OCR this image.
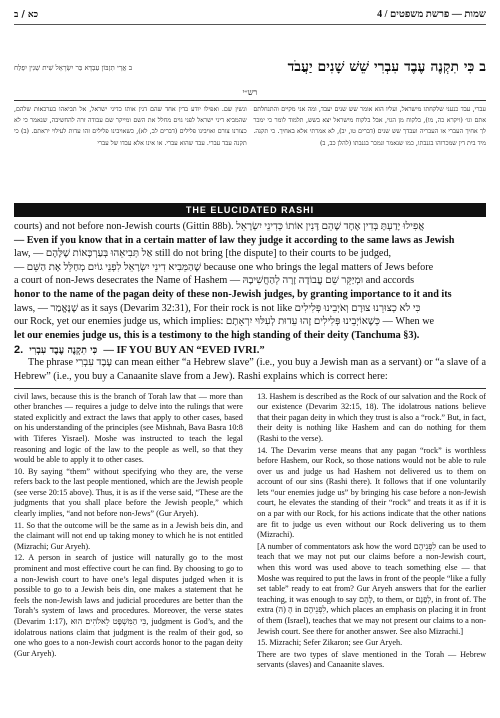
כא / ב	4 / שמות — פרשת משפטים
ב אֲרֵי תִזְבּוֹן עַבְדָּא בַּר יִשְׂרָאֵל שִׁית שְׁנִין יִפְלַח	ב כִּי תִקְנֶה עֶבֶד עִבְרִי שֵׁשׁ שָׁנִים יַעֲבֹד
רש״י
ונשין שם. ואפילו יודע בדין אחד שהם דנין אותו כדיני ישראל, אל תביאהו בערכאות שלהם, שהמביא דיני ישראל לפני גוים מחלל את השם ומייקר שם עבודה זרה להחשיבה, שנאמר כי לא כצורנו צורם ואויבינו פלילים (דברים לב, לא), כשאויבינו פלילים זהו עדות לעילוי יראתם. (ב) כי תקנה עבד עברי. עבד שהוא עברי. או אינו אלא עבדו של עברי
עברי, עבד כנעני שלקחתו מישראל, ועליו הוא אומר שש שנים יעבד, ומה אני מקיים והתנחלתם אתם וגו׳ (ויקרא כה, מו), בלקוח מן הגוי, אבל בלקוח מישראל יצא בשש, תלמוד לומר כי ימכר לך אחיך העברי או העבריה ועבדך שש שנים (דברים טו, יב), לא אמרתי אלא באחיך. כי תקנה. מיד בית דין שמכרוהו בגנבתו, כמו שנאמר ונמכר בגנבתו (להלן כב, ב)
THE ELUCIDATED RASHI
courts) and not before non-Jewish courts (Gittin 88b). אֲפִילוּ יָדַעְתָּ בְּדִין אֶחָד שֶׁהֵם דָּנִין אוֹתוֹ כְּדִינֵי יִשְׂרָאֵל
— Even if you know that in a certain matter of law they judge it according to the same laws as Jewish
law, — אַל תְּבִיאֵהוּ בְּעַרְכָּאוֹת שֶׁלָּהֶם still do not bring [the dispute] to their courts to be judged,
— שֶׁהַמֵּבִיא דִינֵי יִשְׂרָאֵל לִפְנֵי גוֹיִם מְחַלֵּל אֶת הַשֵּׁם because one who brings the legal matters of Jews before
a court of non-Jews desecrates the Name of Hashem — וּמְיַקֵּר שֵׁם עֲבוֹדָה זָרָה לְהַחֲשִׁיבָהּ and accords
honor to the name of the pagan deity of these non-Jewish judges, by granting importance to it and its
laws, — שֶׁנֶּאֱמַר as it says (Devarim 32:31), For their rock is not like כִּי לֹא כְצוּרֵנוּ צוּרָם וְאֹיְבֵינוּ פְּלִילִים
our Rock, yet our enemies judge us, which implies: כְּשֶׁאוֹיְבֵינוּ פְּלִילִים זֶהוּ עֵדוּת לְעִלּוּי יִרְאָתָם — When we
let our enemies judge us, this is a testimony to the high standing of their deity (Tanchuma §3).
2. כִּי תִקְנֶה עֶבֶד עִבְרִי — IF YOU BUY AN “EVED IVRI.”
The phrase עֶבֶד עִבְרִי can mean either “a Hebrew slave” (i.e., you buy a Jewish man as a servant) or “a slave of a Hebrew” (i.e., you buy a Canaanite slave from a Jew). Rashi explains which is correct here:

civil laws, because this is the branch of Torah law that — more than other branches — requires a judge to delve into the rulings that were stated explicitly and extract the laws that apply to other cases, based on his understanding of the principles (see Mishnah, Bava Basra 10:8 with Tiferes Yisrael). Moshe was instructed to teach the legal reasoning and logic of the law to the people as well, so that they would be able to apply it to other cases.

10. By saying “them” without specifying who they are, the verse refers back to the last people mentioned, which are the Jewish people (see verse 20:15 above). Thus, it is as if the verse said, “These are the judgments that you shall place before the Jewish people,” which clearly implies, “and not before non-Jews” (Gur Aryeh).

11. So that the outcome will be the same as in a Jewish beis din, and the claimant will not end up taking money to which he is not entitled (Mizrachi; Gur Aryeh).

12. A person in search of justice will naturally go to the most prominent and most effective court he can find. By choosing to go to a non-Jewish court to have one’s legal disputes judged when it is possible to go to a Jewish beis din, one makes a statement that he feels the non-Jewish laws and judicial procedures are better than the Torah’s system of laws and procedures. Moreover, the verse states (Devarim 1:17), כִּי הַמִּשְׁפָּט לֵאלֹהִים הוּא, judgment is God’s, and the idolatrous nations claim that judgment is the realm of their god, so one who goes to a non-Jewish court accords honor to the pagan deity (Gur Aryeh).

13. Hashem is described as the Rock of our salvation and the Rock of our existence (Devarim 32:15, 18). The idolatrous nations believe that their pagan deity in which they trust is also a “rock.” But, in fact, their deity is nothing like Hashem and can do nothing for them (Rashi to the verse).

14. The Devarim verse means that any pagan “rock” is worthless before Hashem, our Rock, so those nations would not be able to rule over us and judge us had Hashem not delivered us to them on account of our sins (Rashi there). It follows that if one voluntarily lets “our enemies judge us” by bringing his case before a non-Jewish court, he elevates the standing of their “rock” and treats it as if it is on a par with our Rock, for his actions indicate that the other nations are fit to judge us even without our Rock delivering us to them (Mizrachi).

[A number of commentators ask how the word לִפְנֵיהֶם can be used to teach that we may not put our claims before a non-Jewish court, when this word was used above to teach something else — that Moshe was required to put the laws in front of the people “like a fully set table” ready to eat from? Gur Aryeh answers that for the earlier teaching, it was enough to say לָהֶם, to them, or לְפָנָם, in front of. The extra הֶ (ה) in לִפְנֵיהֶם, which places an emphasis on placing it in front of them (Israel), teaches that we may not present our claims to a non-Jewish court. See there for another answer. See also Mizrachi.]

15. Mizrachi; Sefer Zikaron; see Gur Aryeh.

There are two types of slave mentioned in the Torah — Hebrew servants (slaves) and Canaanite slaves.
